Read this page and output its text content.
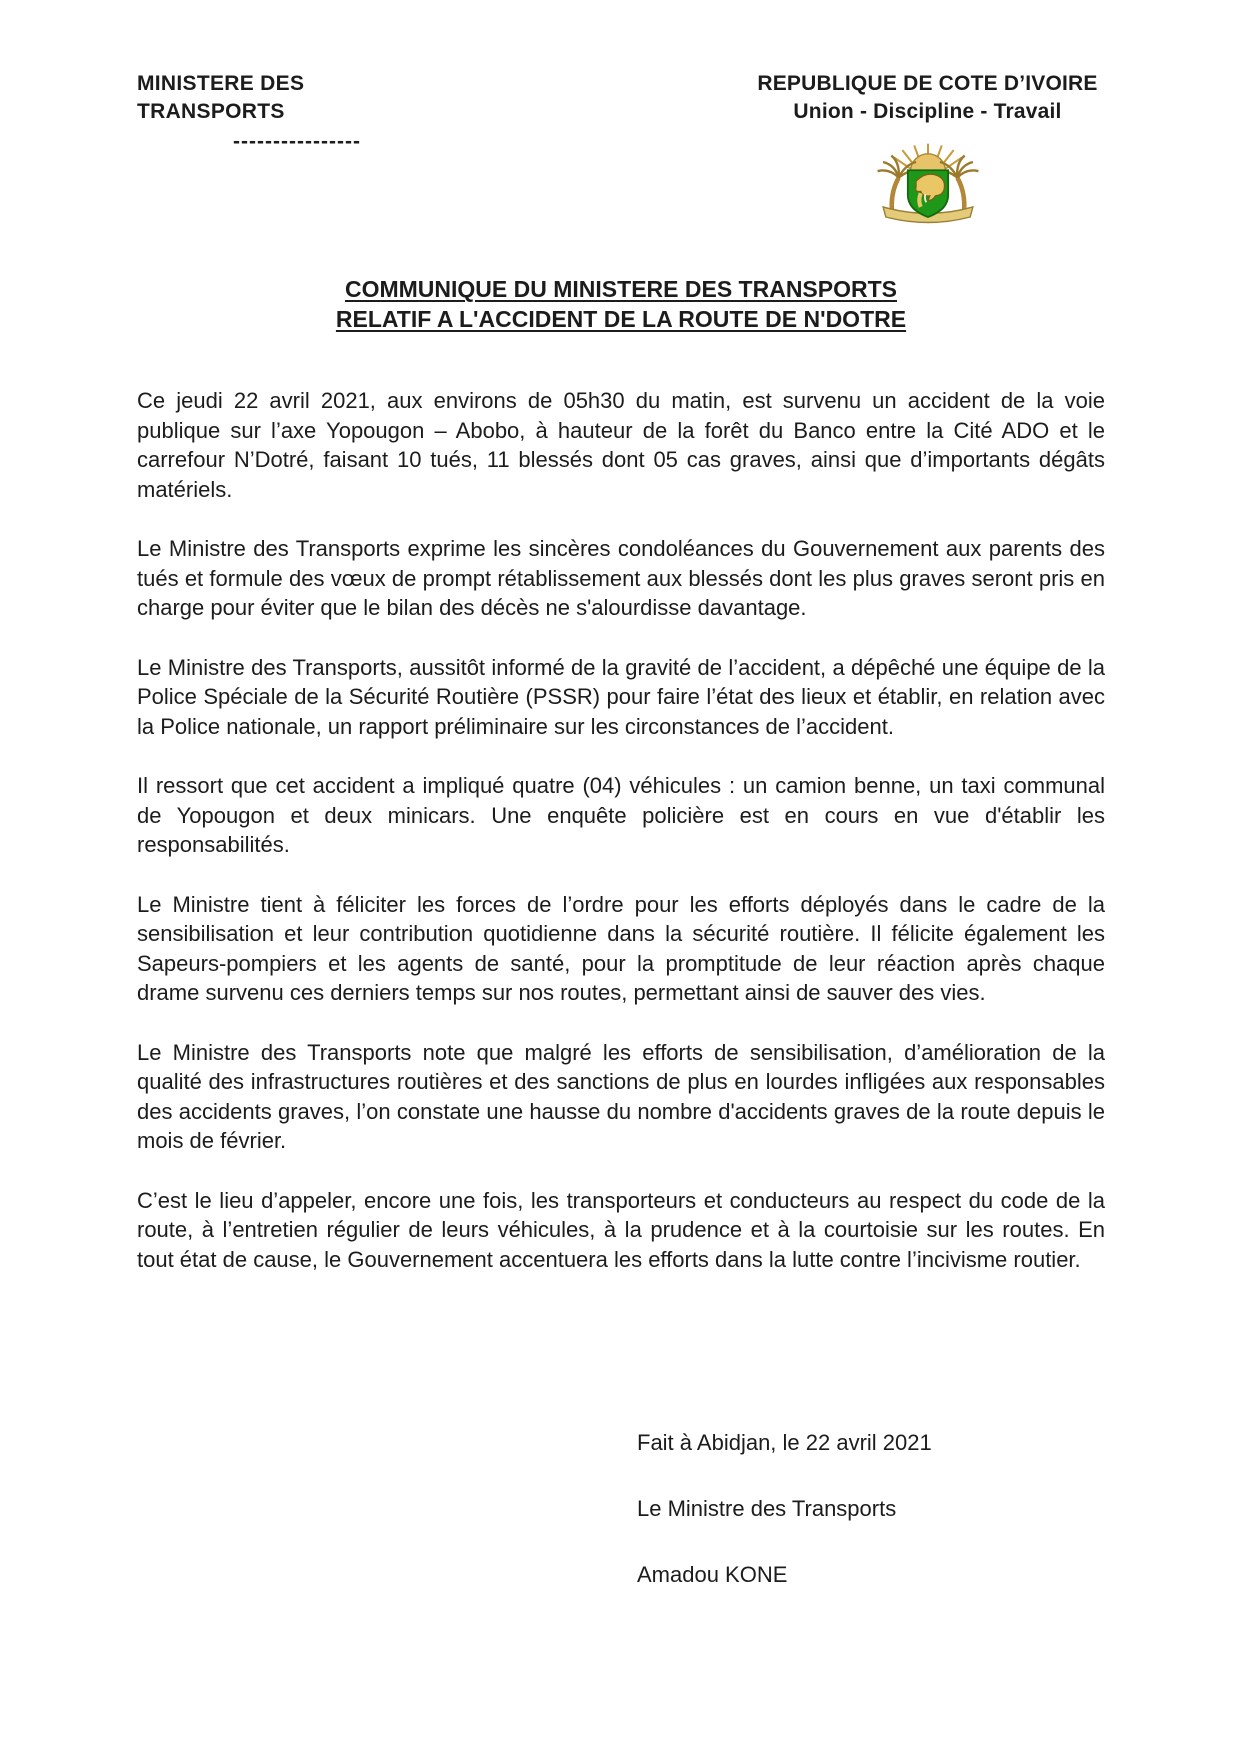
MINISTERE DES TRANSPORTS
----------------
REPUBLIQUE DE COTE D’IVOIRE
Union - Discipline - Travail
COMMUNIQUE DU MINISTERE DES TRANSPORTS
RELATIF A L'ACCIDENT DE LA ROUTE DE N'DOTRE

Ce jeudi 22 avril 2021, aux environs de 05h30 du matin, est survenu un accident de la voie publique sur l’axe Yopougon – Abobo, à hauteur de la forêt du Banco entre la Cité ADO et le carrefour N’Dotré, faisant 10 tués, 11 blessés dont 05 cas graves, ainsi que d’importants dégâts matériels.

Le Ministre des Transports exprime les sincères condoléances du Gouvernement aux parents des tués et formule des vœux de prompt rétablissement aux blessés dont les plus graves seront pris en charge pour éviter que le bilan des décès ne s'alourdisse davantage.

Le Ministre des Transports, aussitôt informé de la gravité de l’accident, a dépêché une équipe de la Police Spéciale de la Sécurité Routière (PSSR) pour faire l’état des lieux et établir, en relation avec la Police nationale, un rapport préliminaire sur les circonstances de l’accident.

Il ressort que cet accident a impliqué quatre (04) véhicules : un camion benne, un taxi communal de Yopougon et deux minicars. Une enquête policière est en cours en vue d'établir les responsabilités.

Le Ministre tient à féliciter les forces de l’ordre pour les efforts déployés dans le cadre de la sensibilisation et leur contribution quotidienne dans la sécurité routière. Il félicite également les Sapeurs-pompiers et les agents de santé, pour la promptitude de leur réaction après chaque drame survenu ces derniers temps sur nos routes, permettant ainsi de sauver des vies.

Le Ministre des Transports note que malgré les efforts de sensibilisation, d’amélioration de la qualité des infrastructures routières et des sanctions de plus en lourdes infligées aux responsables des accidents graves, l’on constate une hausse du nombre d'accidents graves de la route depuis le mois de février.

C’est le lieu d’appeler, encore une fois, les transporteurs et conducteurs au respect du code de la route, à l’entretien régulier de leurs véhicules, à la prudence et à la courtoisie sur les routes. En tout état de cause, le Gouvernement accentuera les efforts dans la lutte contre l’incivisme routier.

Fait à Abidjan, le 22 avril 2021

Le Ministre des Transports

Amadou KONE
